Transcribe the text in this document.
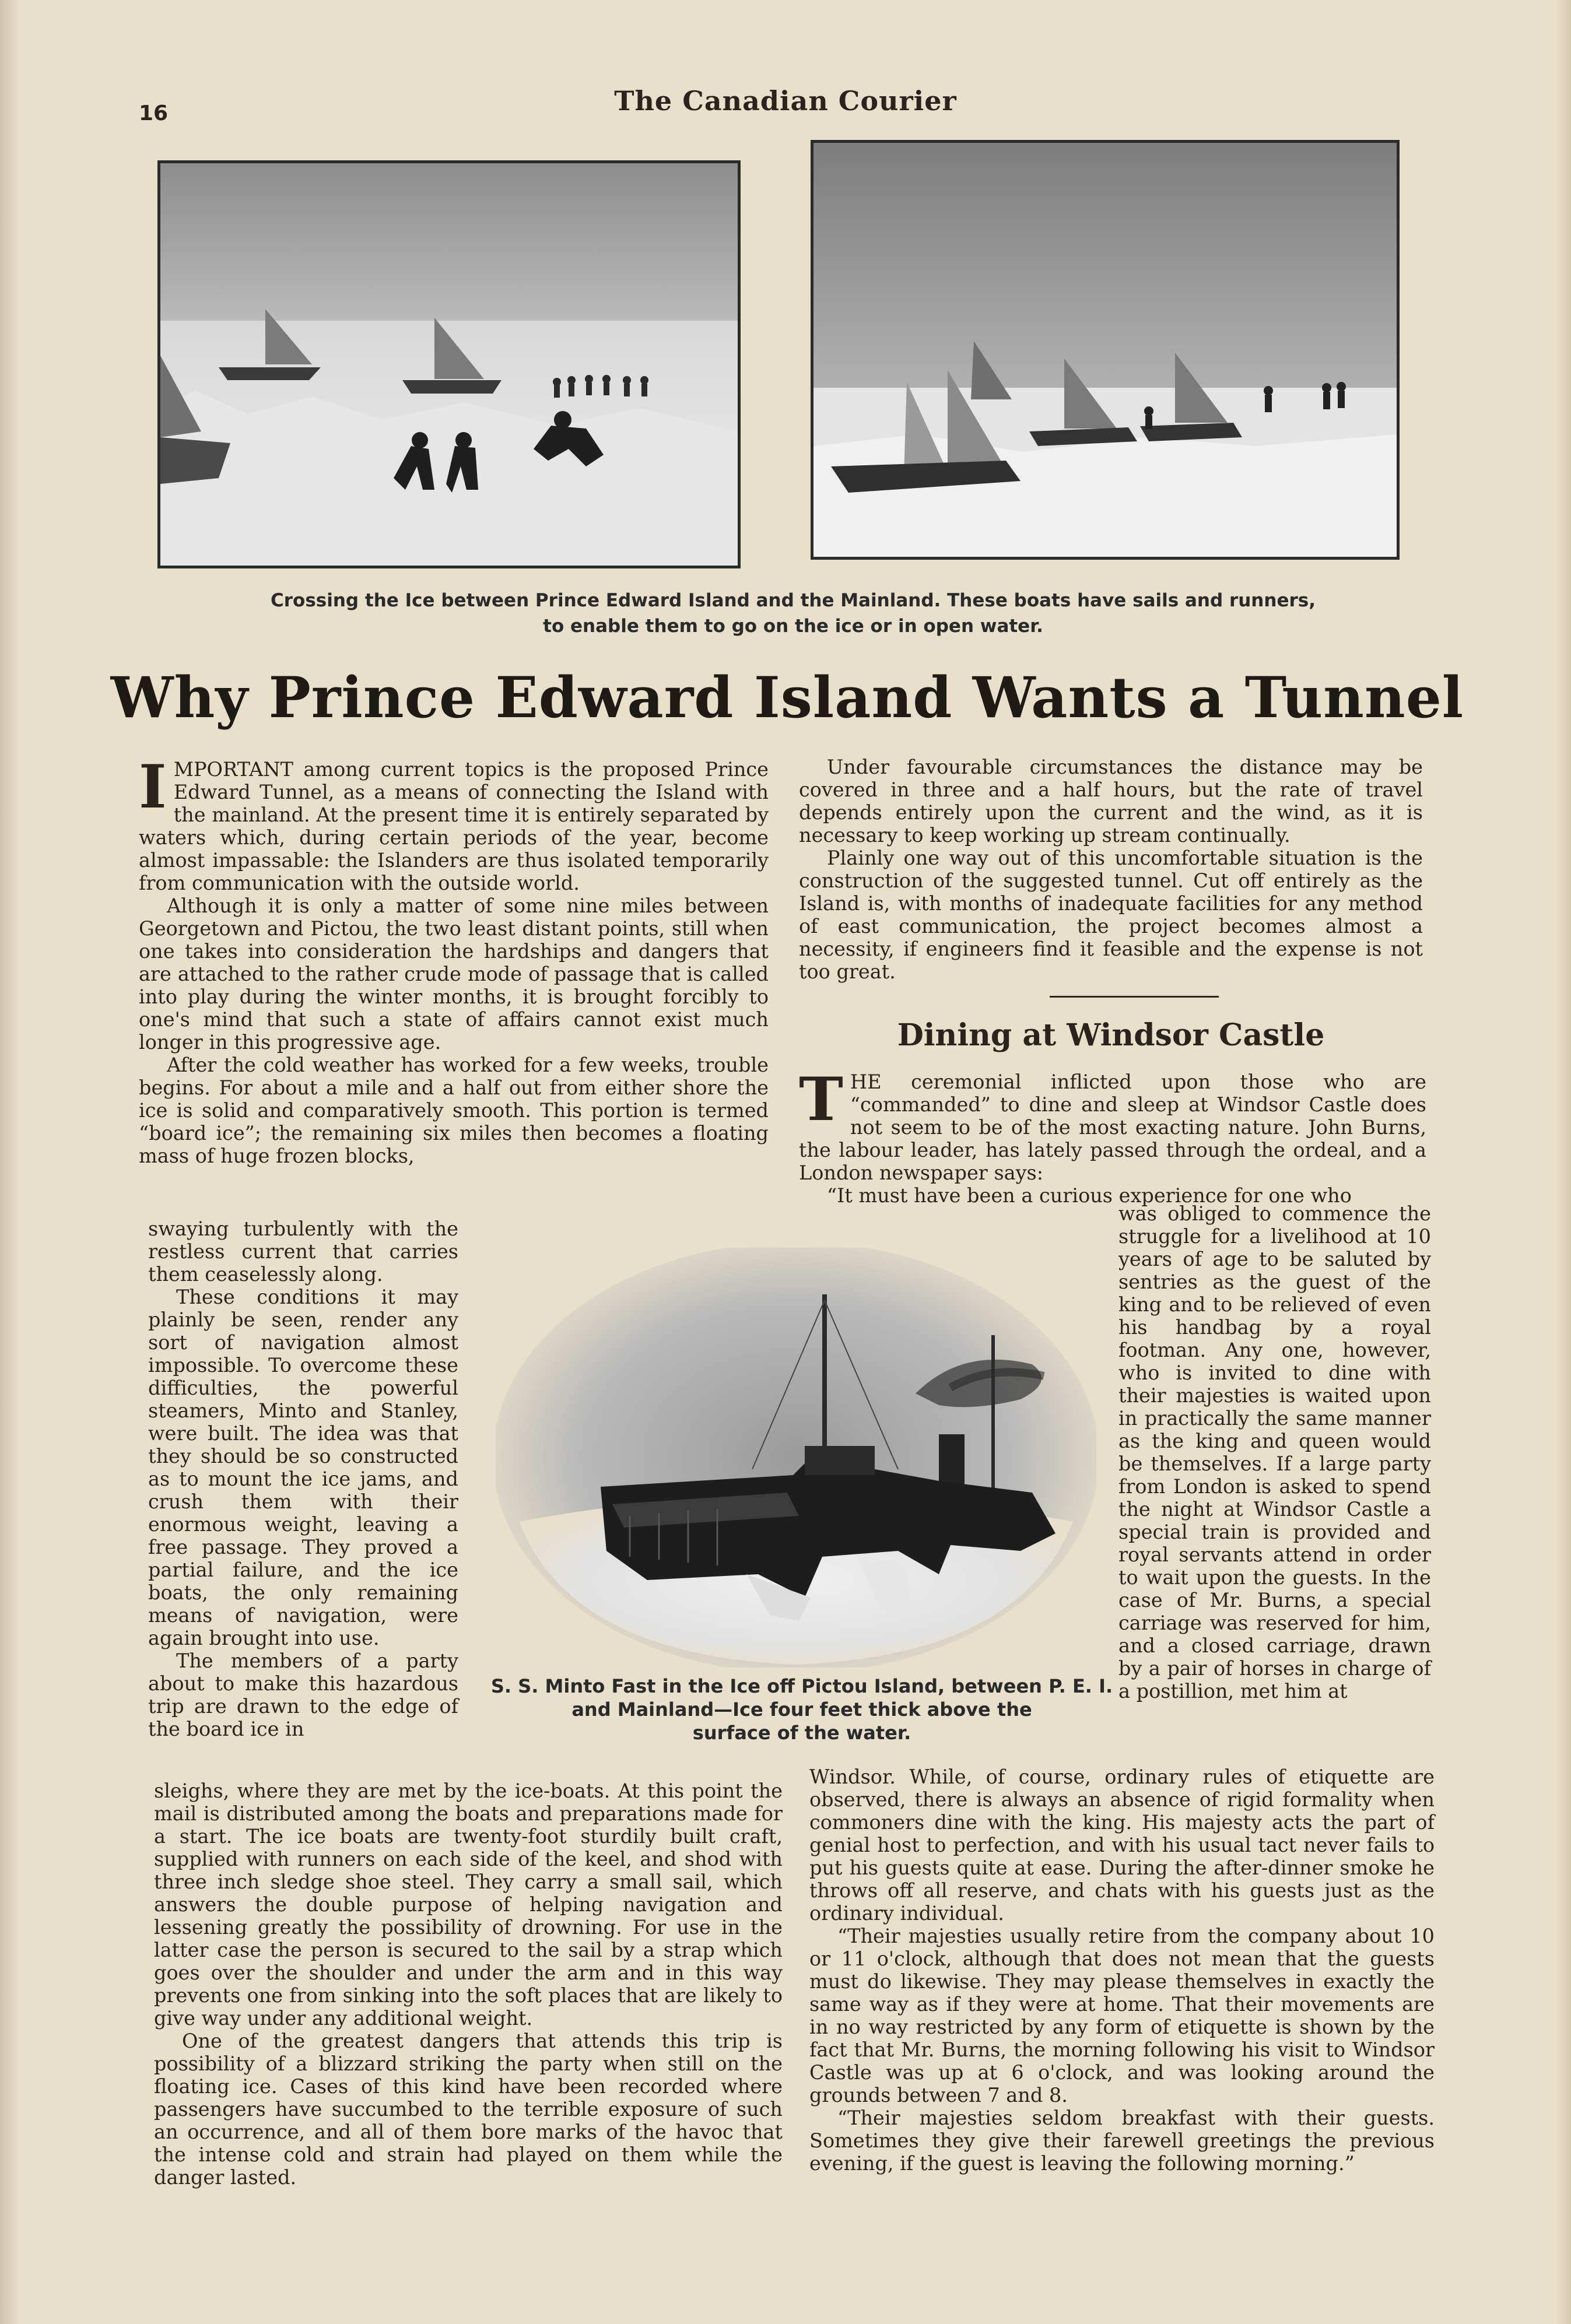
16	The Canadian Courier
Crossing the Ice between Prince Edward Island and the Mainland. These boats have sails and runners,
to enable them to go on the ice or in open water.
Why Prince Edward Island Wants a Tunnel
I MPORTANT among current topics is the proposed Prince Edward Tunnel, as a means of connecting the Island with the mainland. At the present time it is entirely separated by waters which, during certain periods of the year, become almost impassable: the Islanders are thus isolated temporarily from communication with the outside world.

Although it is only a matter of some nine miles between Georgetown and Pictou, the two least distant points, still when one takes into consideration the hardships and dangers that are attached to the rather crude mode of passage that is called into play during the winter months, it is brought forcibly to one's mind that such a state of affairs cannot exist much longer in this progressive age.

After the cold weather has worked for a few weeks, trouble begins. For about a mile and a half out from either shore the ice is solid and comparatively smooth. This portion is termed “board ice”; the remaining six miles then becomes a floating mass of huge frozen blocks,

swaying turbulently with the restless current that carries them ceaselessly along.

These conditions it may plainly be seen, render any sort of navigation almost impossible. To overcome these difficulties, the powerful steamers, Minto and Stanley, were built. The idea was that they should be so constructed as to mount the ice jams, and crush them with their enormous weight, leaving a free passage. They proved a partial failure, and the ice boats, the only remaining means of navigation, were again brought into use.

The members of a party about to make this hazardous trip are drawn to the edge of the board ice in

sleighs, where they are met by the ice-boats. At this point the mail is distributed among the boats and preparations made for a start. The ice boats are twenty-foot sturdily built craft, supplied with runners on each side of the keel, and shod with three inch sledge shoe steel. They carry a small sail, which answers the double purpose of helping navigation and lessening greatly the possibility of drowning. For use in the latter case the person is secured to the sail by a strap which goes over the shoulder and under the arm and in this way prevents one from sinking into the soft places that are likely to give way under any additional weight.

One of the greatest dangers that attends this trip is possibility of a blizzard striking the party when still on the floating ice. Cases of this kind have been recorded where passengers have succumbed to the terrible exposure of such an occurrence, and all of them bore marks of the havoc that the intense cold and strain had played on them while the danger lasted.

Under favourable circumstances the distance may be covered in three and a half hours, but the rate of travel depends entirely upon the current and the wind, as it is necessary to keep working up stream continually.

Plainly one way out of this uncomfortable situation is the construction of the suggested tunnel. Cut off entirely as the Island is, with months of inadequate facilities for any method of east communication, the project becomes almost a necessity, if engineers find it feasible and the expense is not too great.

Dining at Windsor Castle
T HE ceremonial inflicted upon those who are “commanded” to dine and sleep at Windsor Castle does not seem to be of the most exacting nature. John Burns, the labour leader, has lately passed through the ordeal, and a London newspaper says:

“It must have been a curious experience for one who

was obliged to commence the struggle for a livelihood at 10 years of age to be saluted by sentries as the guest of the king and to be relieved of even his handbag by a royal footman. Any one, however, who is invited to dine with their majesties is waited upon in practically the same manner as the king and queen would be themselves. If a large party from London is asked to spend the night at Windsor Castle a special train is provided and royal servants attend in order to wait upon the guests. In the case of Mr. Burns, a special carriage was reserved for him, and a closed carriage, drawn by a pair of horses in charge of a postillion, met him at

Windsor. While, of course, ordinary rules of etiquette are observed, there is always an absence of rigid formality when commoners dine with the king. His majesty acts the part of genial host to perfection, and with his usual tact never fails to put his guests quite at ease. During the after-dinner smoke he throws off all reserve, and chats with his guests just as the ordinary individual.

“Their majesties usually retire from the company about 10 or 11 o'clock, although that does not mean that the guests must do likewise. They may please themselves in exactly the same way as if they were at home. That their movements are in no way restricted by any form of etiquette is shown by the fact that Mr. Burns, the morning following his visit to Windsor Castle was up at 6 o'clock, and was looking around the grounds between 7 and 8.

“Their majesties seldom breakfast with their guests. Sometimes they give their farewell greetings the previous evening, if the guest is leaving the following morning.”

S. S. Minto Fast in the Ice off Pictou Island, between P. E. I.
and Mainland—Ice four feet thick above the
surface of the water.
